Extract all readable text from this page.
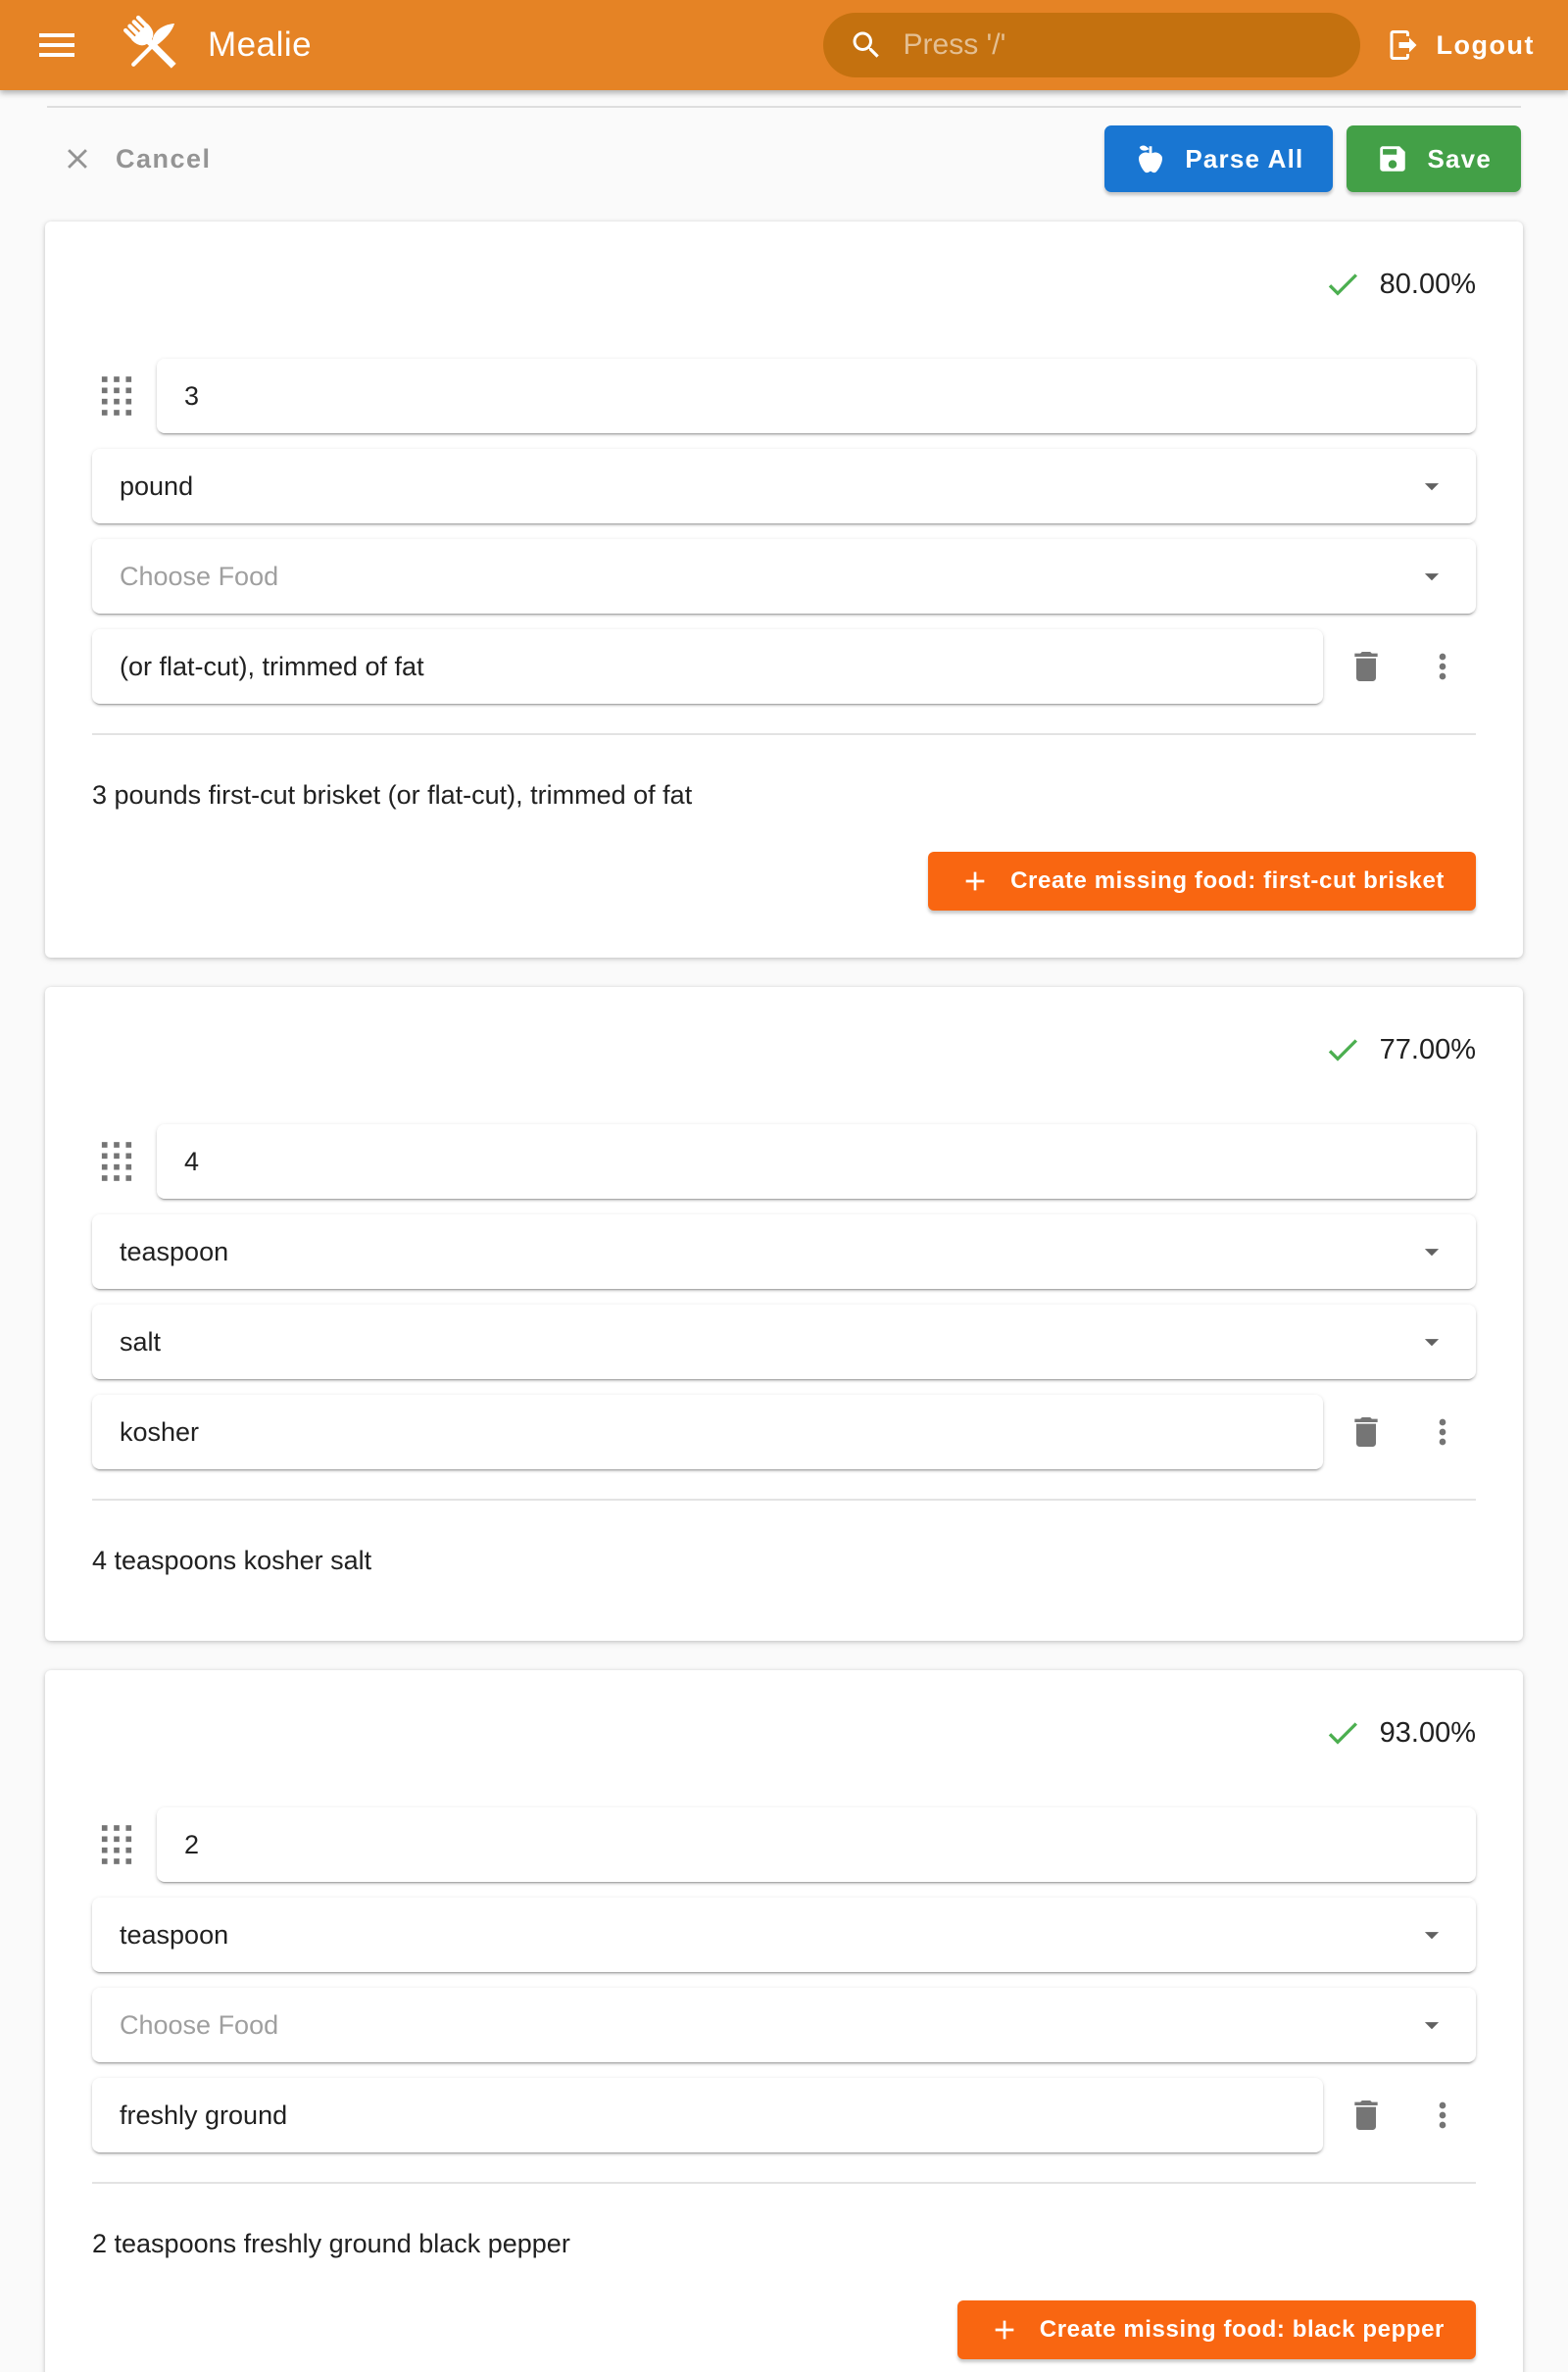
Mealie	Press '/'	Logout
Cancel	Parse All	Save
80.00%
3
pound
Choose Food
(or flat-cut), trimmed of fat

3 pounds first-cut brisket (or flat-cut), trimmed of fat

Create missing food: first-cut brisket
77.00%
4
teaspoon
salt
kosher

4 teaspoons kosher salt

93.00%
2
teaspoon
Choose Food
freshly ground

2 teaspoons freshly ground black pepper

Create missing food: black pepper
